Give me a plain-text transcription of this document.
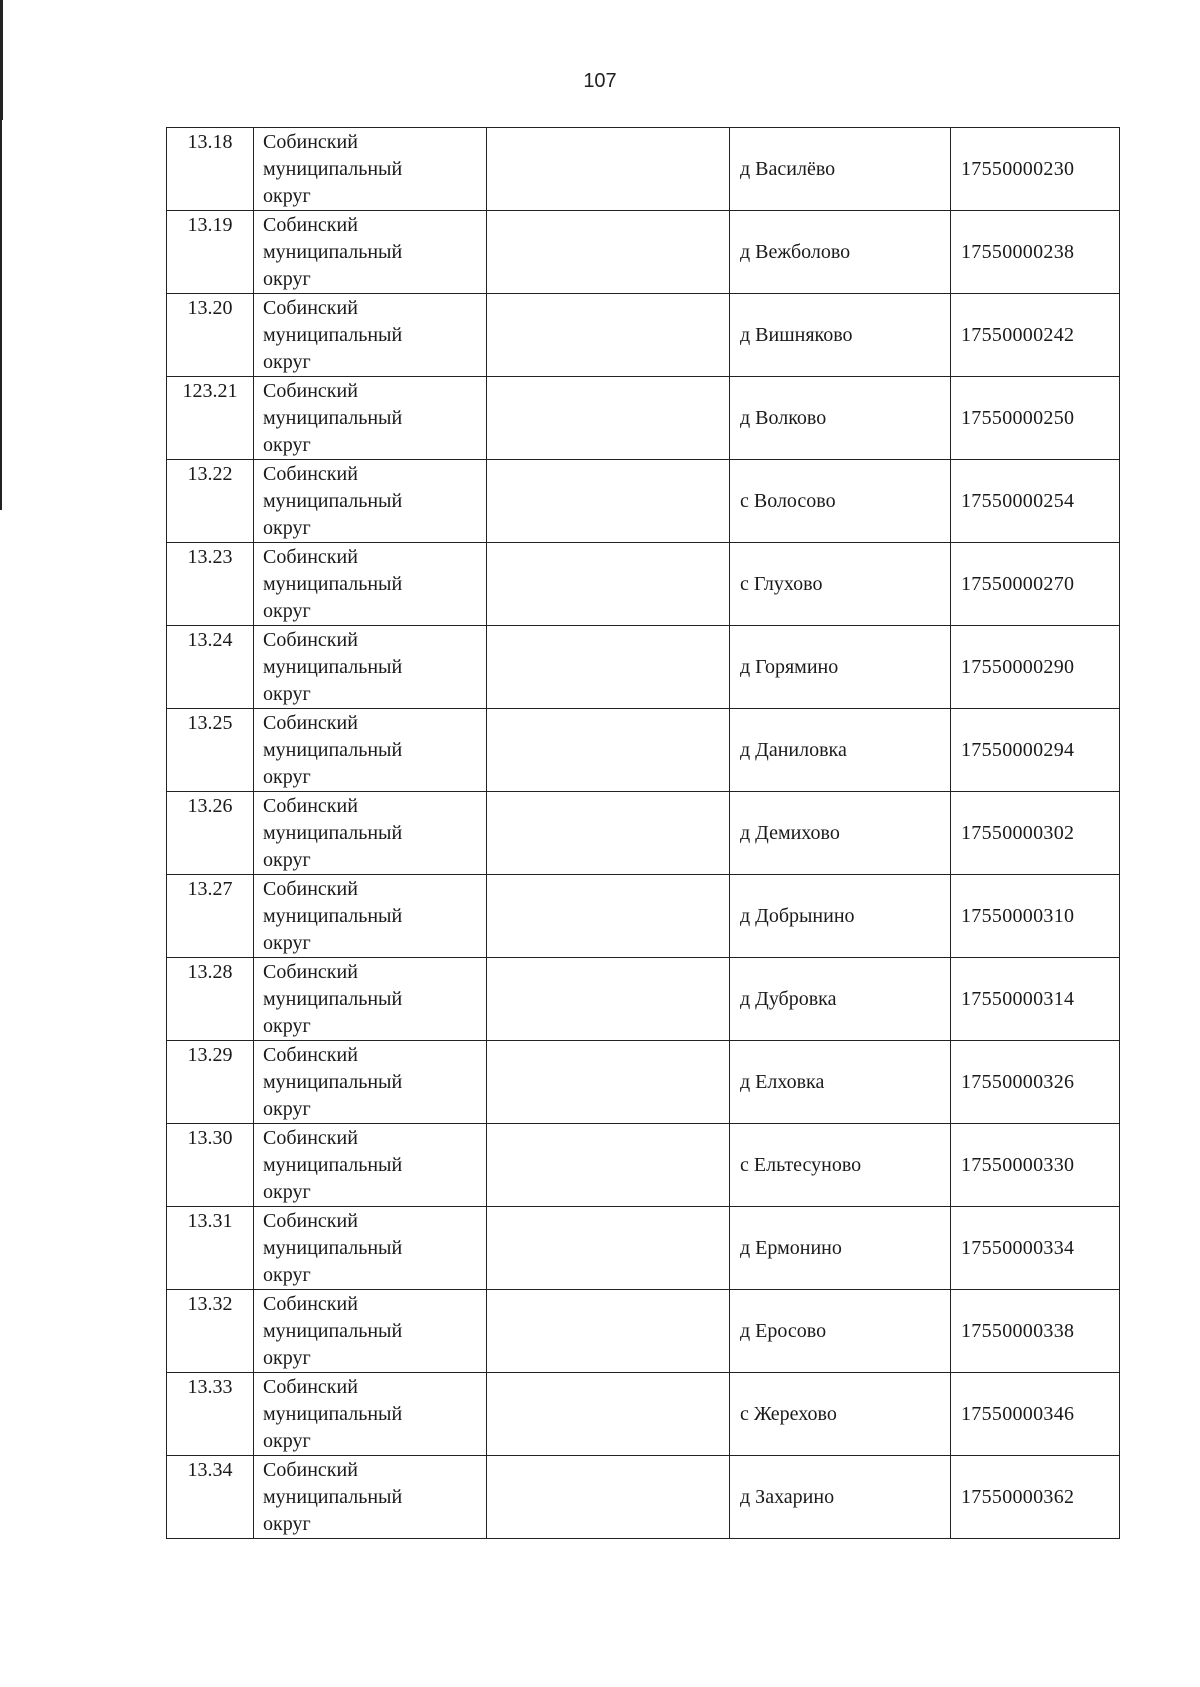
107
13.18	Собинский
муниципальный
округ		д Василёво	17550000230
13.19	Собинский
муниципальный
округ		д Вежболово	17550000238
13.20	Собинский
муниципальный
округ		д Вишняково	17550000242
123.21	Собинский
муниципальный
округ		д Волково	17550000250
13.22	Собинский
муниципальный
округ		с Волосово	17550000254
13.23	Собинский
муниципальный
округ		с Глухово	17550000270
13.24	Собинский
муниципальный
округ		д Горямино	17550000290
13.25	Собинский
муниципальный
округ		д Даниловка	17550000294
13.26	Собинский
муниципальный
округ		д Демихово	17550000302
13.27	Собинский
муниципальный
округ		д Добрынино	17550000310
13.28	Собинский
муниципальный
округ		д Дубровка	17550000314
13.29	Собинский
муниципальный
округ		д Елховка	17550000326
13.30	Собинский
муниципальный
округ		с Ельтесуново	17550000330
13.31	Собинский
муниципальный
округ		д Ермонино	17550000334
13.32	Собинский
муниципальный
округ		д Еросово	17550000338
13.33	Собинский
муниципальный
округ		с Жерехово	17550000346
13.34	Собинский
муниципальный
округ		д Захарино	17550000362
